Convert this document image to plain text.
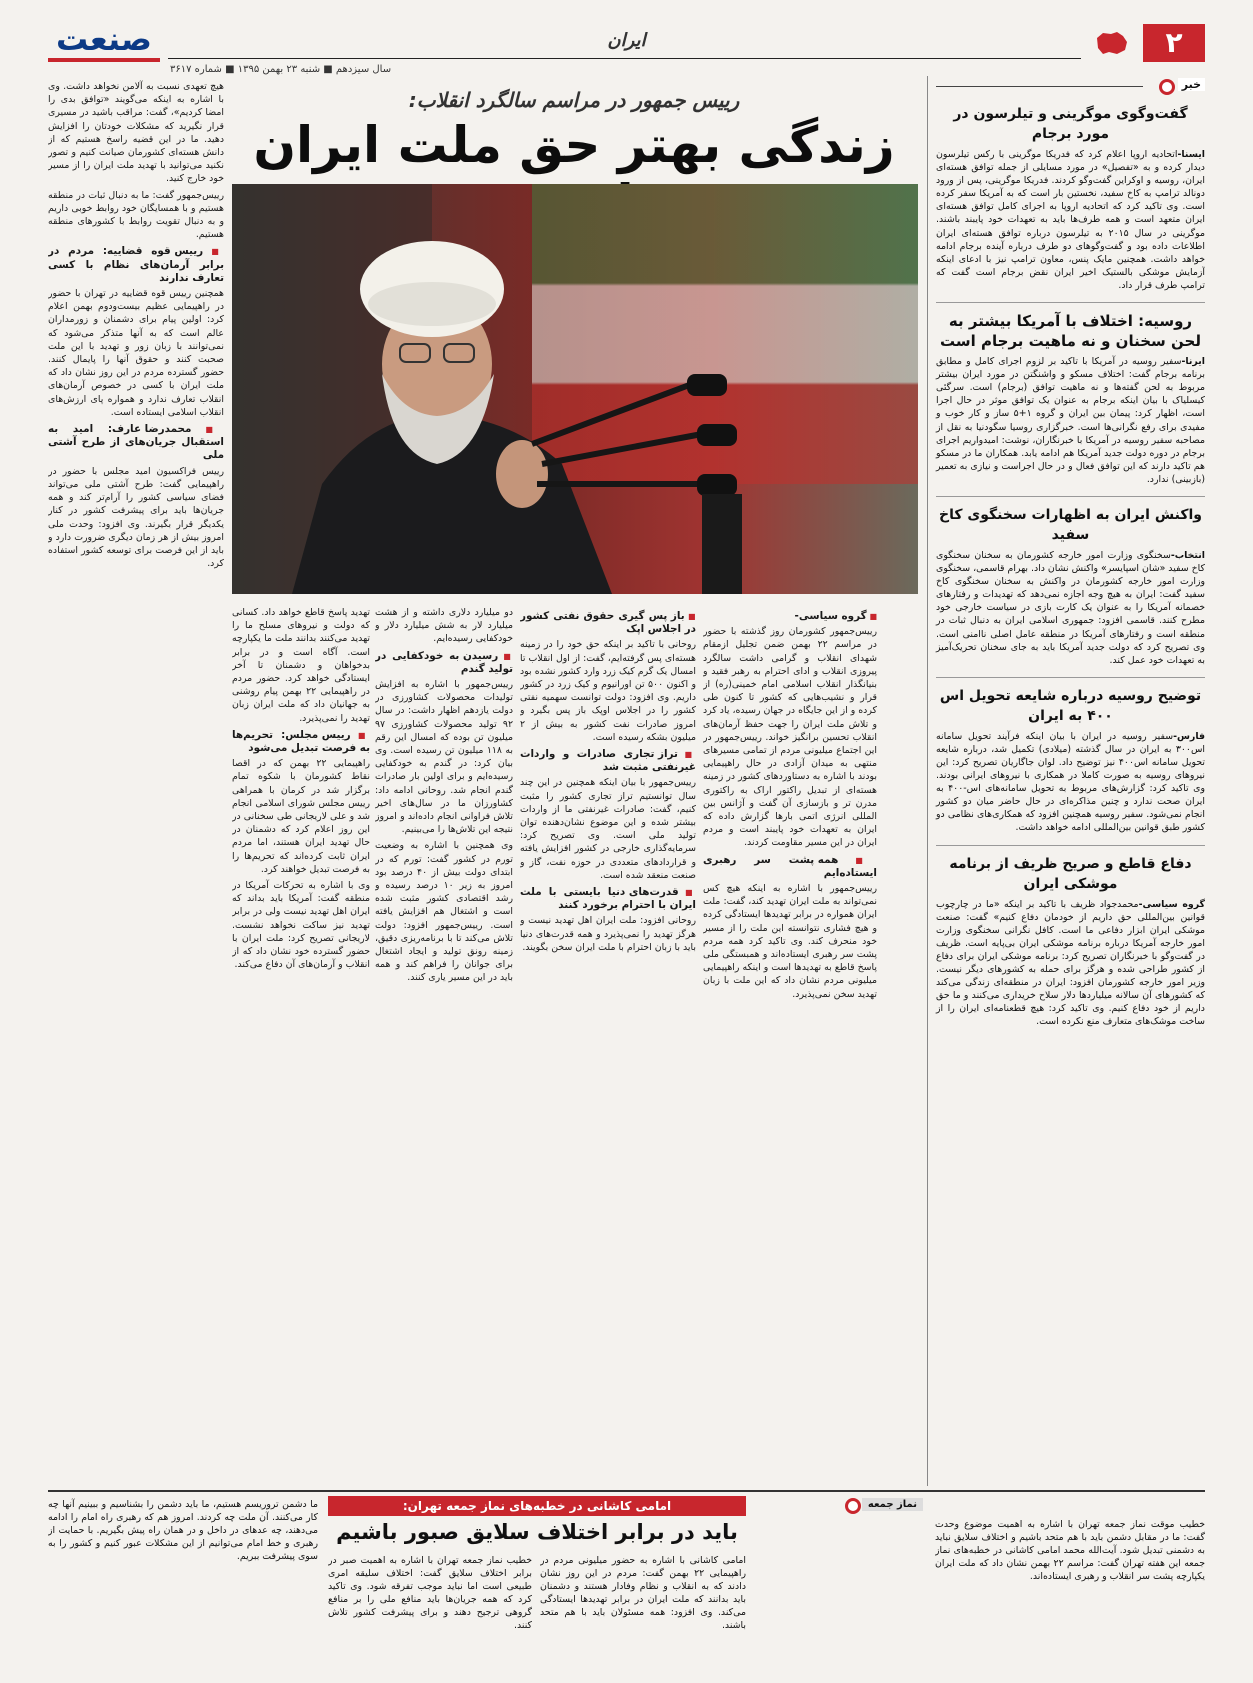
۲
ایران
سال سیزدهم ■ شنبه ۲۳ بهمن ۱۳۹۵ ■ شماره ۳۶۱۷
صنعت
رییس جمهور در مراسم سالگرد انقلاب:
زندگی بهتر حق ملت ایران
■ گروه سیاسی-

رییس‌جمهور کشورمان روز گذشته با حضور در مراسم ۲۲ بهمن ضمن تجلیل ازمقام شهدای انقلاب و گرامی داشت سالگرد پیروزی انقلاب و ادای احترام به رهبر فقید و بنیانگذار انقلاب اسلامی امام خمینی(ره) از قرار و نشیب‌هایی که کشور تا کنون طی کرده و از این جایگاه در جهان رسیده، یاد کرد و تلاش ملت ایران را جهت حفظ آرمان‌های انقلاب تحسین برانگیز خواند. رییس‌جمهور در این اجتماع میلیونی مردم از تمامی مسیرهای منتهی به میدان آزادی در حال راهپیمایی بودند با اشاره به دستاوردهای کشور در زمینه هسته‌ای از تبدیل راکتور اراک به راکتوری مدرن تر و بازسازی آن گفت و آژانس بین المللی انرژی اتمی بارها گزارش داده که ایران به تعهدات خود پایبند است و مردم ایران در این مسیر مقاومت کردند.

■ همه پشت سر رهبری ایستاده‌ایم

رییس‌جمهور با اشاره به اینکه هیچ کس نمی‌تواند به ملت ایران تهدید کند، گفت: ملت ایران همواره در برابر تهدیدها ایستادگی کرده و هیچ فشاری نتوانسته این ملت را از مسیر خود منحرف کند. وی تاکید کرد همه مردم پشت سر رهبری ایستاده‌اند و همبستگی ملی پاسخ قاطع به تهدیدها است و اینکه راهپیمایی میلیونی مردم نشان داد که این ملت با زبان تهدید سخن نمی‌پذیرد.

■ باز پس گیری حقوق نفتی کشور در اجلاس اپک

روحانی با تاکید بر اینکه حق خود را در زمینه هسته‌ای پس گرفته‌ایم، گفت: از اول انقلاب تا امسال یک گرم کیک زرد وارد کشور نشده بود و اکنون ۵۰۰ تن اورانیوم و کیک زرد در کشور داریم. وی افزود: دولت توانست سهمیه نفتی کشور را در اجلاس اوپک باز پس بگیرد و امروز صادرات نفت کشور به بیش از ۲ میلیون بشکه رسیده است.

■ تراز تجاری صادرات و واردات غیرنفتی مثبت شد

رییس‌جمهور با بیان اینکه همچنین در این چند سال توانستیم تراز تجاری کشور را مثبت کنیم، گفت: صادرات غیرنفتی ما از واردات بیشتر شده و این موضوع نشان‌دهنده توان تولید ملی است. وی تصریح کرد: سرمایه‌گذاری خارجی در کشور افزایش یافته و قراردادهای متعددی در حوزه نفت، گاز و صنعت منعقد شده است.

■ قدرت‌های دنیا بایستی با ملت ایران با احترام برخورد کنند

روحانی افزود: ملت ایران اهل تهدید نیست و هرگز تهدید را نمی‌پذیرد و همه قدرت‌های دنیا باید با زبان احترام با ملت ایران سخن بگویند.

دو میلیارد دلاری داشته و از هشت میلیارد لار به شش میلیارد دلار و خودکفایی رسیده‌ایم.

■ رسیدن به خودکفایی در تولید گندم

رییس‌جمهور با اشاره به افزایش تولیدات محصولات کشاورزی در دولت یازدهم اظهار داشت: در سال ۹۲ تولید محصولات کشاورزی ۹۷ میلیون تن بوده که امسال این رقم به ۱۱۸ میلیون تن رسیده است. وی بیان کرد: در گندم به خودکفایی رسیده‌ایم و برای اولین بار صادرات گندم انجام شد. روحانی ادامه داد: کشاورزان ما در سال‌های اخیر تلاش فراوانی انجام داده‌اند و امروز نتیجه این تلاش‌ها را می‌بینیم.

وی همچنین با اشاره به وضعیت تورم در کشور گفت: تورم که در ابتدای دولت بیش از ۴۰ درصد بود امروز به زیر ۱۰ درصد رسیده و رشد اقتصادی کشور مثبت شده است و اشتغال هم افزایش یافته است. رییس‌جمهور افزود: دولت تلاش می‌کند تا با برنامه‌ریزی دقیق، زمینه رونق تولید و ایجاد اشتغال برای جوانان را فراهم کند و همه باید در این مسیر یاری کنند.

تهدید پاسخ قاطع خواهد داد. کسانی که دولت و نیروهای مسلح ما را تهدید می‌کنند بدانند ملت ما یکپارچه است. آگاه است و در برابر بدخواهان و دشمنان تا آخر ایستادگی خواهد کرد. حضور مردم در راهپیمایی ۲۲ بهمن پیام روشنی به جهانیان داد که ملت ایران زبان تهدید را نمی‌پذیرد.

■ رییس مجلس: تحریم‌ها به فرصت تبدیل می‌شود

راهپیمایی ۲۲ بهمن که در اقصا نقاط کشورمان با شکوه تمام برگزار شد در کرمان با همراهی رییس مجلس شورای اسلامی انجام شد و علی لاریجانی طی سخنانی در این روز اعلام کرد که دشمنان در حال تهدید ایران هستند، اما مردم ایران ثابت کرده‌اند که تحریم‌ها را به فرصت تبدیل خواهند کرد.

وی با اشاره به تحرکات آمریکا در منطقه گفت: آمریکا باید بداند که ایران اهل تهدید نیست ولی در برابر تهدید نیز ساکت نخواهد نشست. لاریجانی تصریح کرد: ملت ایران با حضور گسترده خود نشان داد که از انقلاب و آرمان‌های آن دفاع می‌کند.

هیچ تعهدی نسبت به آلامن نخواهد داشت. وی با اشاره به اینکه می‌گویند «توافق بدی را امضا کردیم»، گفت: مراقب باشید در مسیری قرار نگیرید که مشکلات خودتان را افزایش دهید. ما در این قضیه راسخ هستیم که از دانش هسته‌ای کشورمان صیانت کنیم و تصور نکنید می‌توانید با تهدید ملت ایران را از مسیر خود خارج کنید.

رییس‌جمهور گفت: ما به دنبال ثبات در منطقه هستیم و با همسایگان خود روابط خوبی داریم و به دنبال تقویت روابط با کشورهای منطقه هستیم.

■ رییس قوه قضاییه: مردم در برابر آرمان‌های نظام با کسی تعارف ندارند

همچنین رییس قوه قضاییه در تهران با حضور در راهپیمایی عظیم بیست‌ودوم بهمن اعلام کرد: اولین پیام برای دشمنان و زورمداران عالم است که به آنها متذکر می‌شود که نمی‌توانند با زبان زور و تهدید با این ملت صحبت کنند و حقوق آنها را پایمال کنند. حضور گسترده مردم در این روز نشان داد که ملت ایران با کسی در خصوص آرمان‌های انقلاب تعارف ندارد و همواره پای ارزش‌های انقلاب اسلامی ایستاده است.

■ محمدرضا عارف: امید به استقبال جریان‌های از طرح آشتی ملی

رییس فراکسیون امید مجلس با حضور در راهپیمایی گفت: طرح آشتی ملی می‌تواند فضای سیاسی کشور را آرام‌تر کند و همه جریان‌ها باید برای پیشرفت کشور در کنار یکدیگر قرار بگیرند. وی افزود: وحدت ملی امروز بیش از هر زمان دیگری ضرورت دارد و باید از این فرصت برای توسعه کشور استفاده کرد.

خبر
گفت‌وگوی موگرینی و تیلرسون در مورد برجام

ایسنا-اتحادیه اروپا اعلام کرد که فدریکا موگرینی با رکس تیلرسون دیدار کرده و به «تفصیل» در مورد مسایلی از جمله توافق هسته‌ای ایران، روسیه و اوکراین گفت‌وگو کردند. فدریکا موگرینی، پس از ورود دونالد ترامپ به کاخ سفید، نخستین بار است که به آمریکا سفر کرده است. وی تاکید کرد که اتحادیه اروپا به اجرای کامل توافق هسته‌ای ایران متعهد است و همه طرف‌ها باید به تعهدات خود پایبند باشند. موگرینی در سال ۲۰۱۵ به تیلرسون درباره توافق هسته‌ای ایران اطلاعات داده بود و گفت‌وگوهای دو طرف درباره آینده برجام ادامه خواهد داشت. همچنین مایک پنس، معاون ترامپ نیز با ادعای اینکه آزمایش موشکی بالستیک اخیر ایران نقض برجام است گفت که ترامپ طرف قرار داد.

روسیه: اختلاف با آمریکا بیشتر به لحن سخنان و نه ماهیت برجام است

ایرنا-سفیر روسیه در آمریکا با تاکید بر لزوم اجرای کامل و مطابق برنامه برجام گفت: اختلاف مسکو و واشنگتن در مورد ایران بیشتر مربوط به لحن گفته‌ها و نه ماهیت توافق (برجام) است. سرگئی کیسلیاک با بیان اینکه برجام به عنوان یک توافق موثر در حال اجرا است، اظهار کرد: پیمان بین ایران و گروه ۱+۵ ساز و کار خوب و مفیدی برای رفع نگرانی‌ها است. خبرگزاری روسیا سگودنیا به نقل از مصاحبه سفیر روسیه در آمریکا با خبرنگاران، نوشت: امیدواریم اجرای برجام در دوره دولت جدید آمریکا هم ادامه یابد. همکاران ما در مسکو هم تاکید دارند که این توافق فعال و در حال اجراست و نیازی به تعمیر (بازبینی) ندارد.

واکنش ایران به اظهارات سخنگوی کاخ سفید

انتخاب-سخنگوی وزارت امور خارجه کشورمان به سخنان سخنگوی کاخ سفید «شان اسپایسر» واکنش نشان داد. بهرام قاسمی، سخنگوی وزارت امور خارجه کشورمان در واکنش به سخنان سخنگوی کاخ سفید گفت: ایران به هیچ وجه اجازه نمی‌دهد که تهدیدات و رفتارهای خصمانه آمریکا را به عنوان یک کارت بازی در سیاست خارجی خود مطرح کنند. قاسمی افزود: جمهوری اسلامی ایران به دنبال ثبات در منطقه است و رفتارهای آمریکا در منطقه عامل اصلی ناامنی است. وی تصریح کرد که دولت جدید آمریکا باید به جای سخنان تحریک‌آمیز به تعهدات خود عمل کند.

توضیح روسیه درباره شایعه تحویل اس ۴۰۰ به ایران

فارس-سفیر روسیه در ایران با بیان اینکه فرآیند تحویل سامانه اس۳۰۰ به ایران در سال گذشته (میلادی) تکمیل شد، درباره شایعه تحویل سامانه اس۴۰۰ نیز توضیح داد. لوان جاگاریان تصریح کرد: این نیروهای روسیه به صورت کاملا در همکاری با نیروهای ایرانی بودند. وی تاکید کرد: گزارش‌های مربوط به تحویل سامانه‌های اس-۴۰۰ به ایران صحت ندارد و چنین مذاکره‌ای در حال حاضر میان دو کشور انجام نمی‌شود. سفیر روسیه همچنین افزود که همکاری‌های نظامی دو کشور طبق قوانین بین‌المللی ادامه خواهد داشت.

دفاع قاطع و صریح ظریف از برنامه موشکی ایران

گروه سیاسی-محمدجواد ظریف با تاکید بر اینکه «ما در چارچوب قوانین بین‌المللی حق داریم از خودمان دفاع کنیم» گفت: صنعت موشکی ایران ابزار دفاعی ما است. کافل نگرانی سخنگوی وزارت امور خارجه آمریکا درباره برنامه موشکی ایران بی‌پایه است. ظریف در گفت‌وگو با خبرنگاران تصریح کرد: برنامه موشکی ایران برای دفاع از کشور طراحی شده و هرگز برای حمله به کشورهای دیگر نیست. وزیر امور خارجه کشورمان افزود: ایران در منطقه‌ای زندگی می‌کند که کشورهای آن سالانه میلیاردها دلار سلاح خریداری می‌کنند و ما حق داریم از خود دفاع کنیم. وی تاکید کرد: هیچ قطعنامه‌ای ایران را از ساخت موشک‌های متعارف منع نکرده است.

نماز جمعه
امامی کاشانی در خطبه‌های نماز جمعه تهران:
باید در برابر اختلاف سلایق صبور باشیم	خطیب موقت نماز جمعه تهران با اشاره به اهمیت موضوع وحدت گفت: ما در مقابل دشمن باید با هم متحد باشیم و اختلاف سلایق نباید به دشمنی تبدیل شود. آیت‌الله محمد امامی کاشانی در خطبه‌های نماز جمعه این هفته تهران گفت: مراسم ۲۲ بهمن نشان داد که ملت ایران یکپارچه پشت سر انقلاب و رهبری ایستاده‌اند.
امامی کاشانی با اشاره به حضور میلیونی مردم در راهپیمایی ۲۲ بهمن گفت: مردم در این روز نشان دادند که به انقلاب و نظام وفادار هستند و دشمنان باید بدانند که ملت ایران در برابر تهدیدها ایستادگی می‌کند. وی افزود: همه مسئولان باید با هم متحد باشند.
خطیب نماز جمعه تهران با اشاره به اهمیت صبر در برابر اختلاف سلایق گفت: اختلاف سلیقه امری طبیعی است اما نباید موجب تفرقه شود. وی تاکید کرد که همه جریان‌ها باید منافع ملی را بر منافع گروهی ترجیح دهند و برای پیشرفت کشور تلاش کنند.
ما دشمن تروریسم هستیم، ما باید دشمن را بشناسیم و ببینیم آنها چه کار می‌کنند. آن ملت چه کردند. امروز هم که رهبری راه امام را ادامه می‌دهند، چه عدهای در داخل و در همان راه پیش بگیریم. با حمایت از رهبری و خط امام می‌توانیم از این مشکلات عبور کنیم و کشور را به سوی پیشرفت ببریم.
